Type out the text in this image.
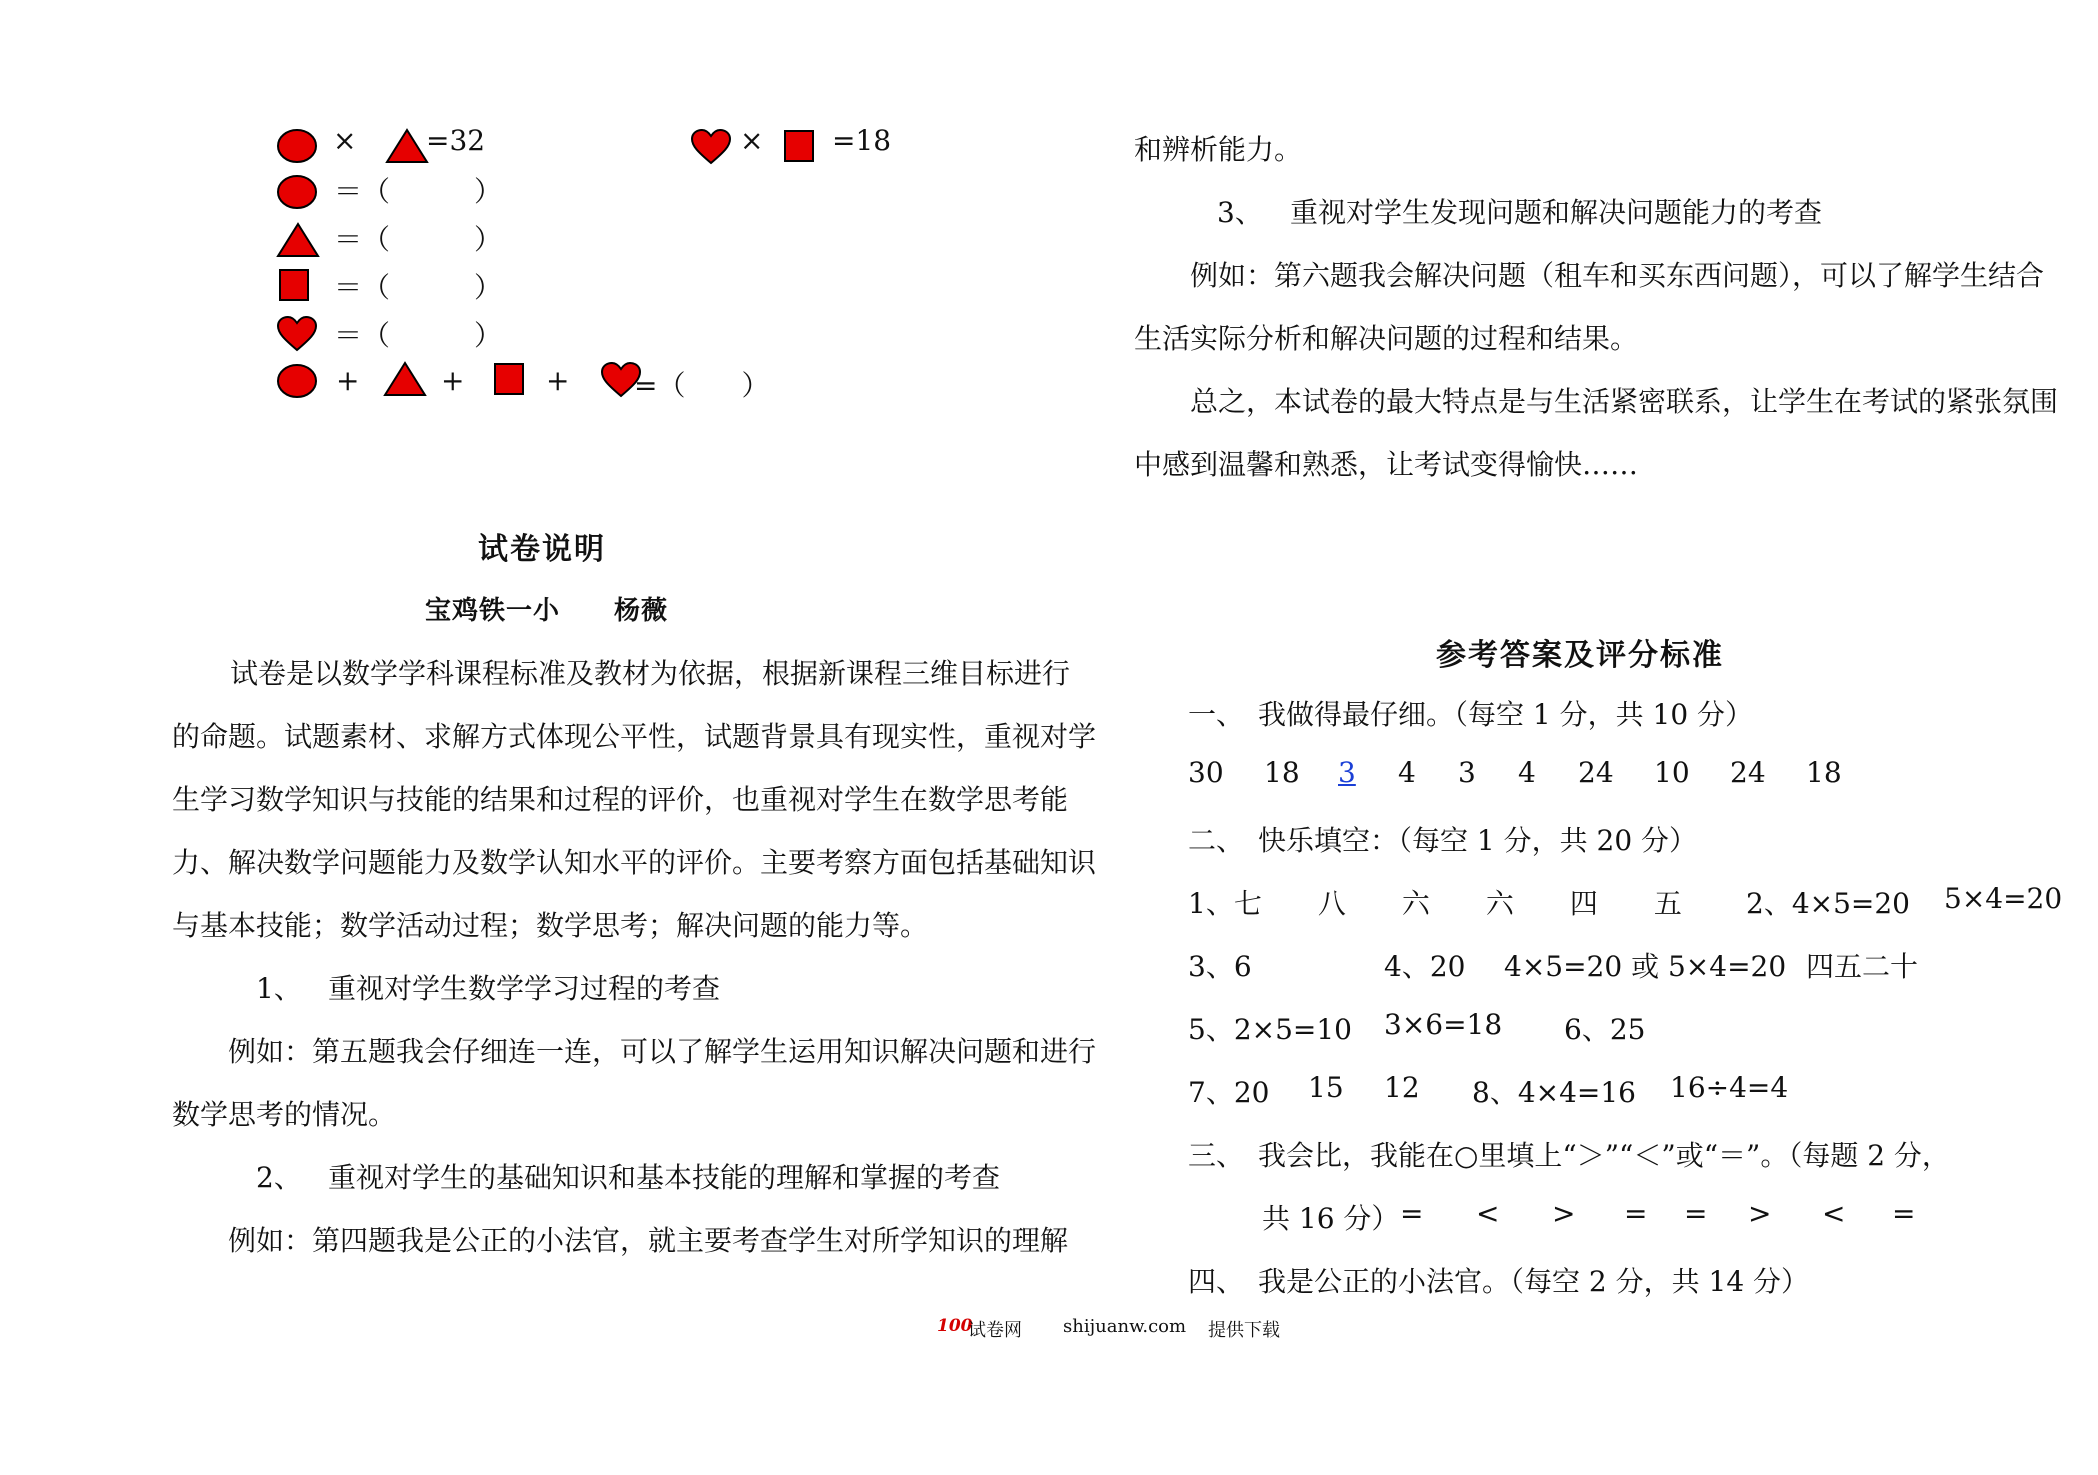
× =32	× =18
＝（　　　）
＝（　　　）
＝（　　　）
＝（　　　）
+	+	+ =（　　）
试卷说明
宝鸡铁一小　　杨薇
试卷是以数学学科课程标准及教材为依据，根据新课程三维目标进行
的命题。试题素材、求解方式体现公平性，试题背景具有现实性，重视对学
生学习数学知识与技能的结果和过程的评价，也重视对学生在数学思考能
力、解决数学问题能力及数学认知水平的评价。主要考察方面包括基础知识
与基本技能；数学活动过程；数学思考；解决问题的能力等。
1、 重视对学生数学学习过程的考查
例如：第五题我会仔细连一连，可以了解学生运用知识解决问题和进行
数学思考的情况。
2、 重视对学生的基础知识和基本技能的理解和掌握的考查
例如：第四题我是公正的小法官，就主要考查学生对所学知识的理解
和辨析能力。
3、 重视对学生发现问题和解决问题能力的考查
例如：第六题我会解决问题（租车和买东西问题），可以了解学生结合
生活实际分析和解决问题的过程和结果。
总之，本试卷的最大特点是与生活紧密联系，让学生在考试的紧张氛围
中感到温馨和熟悉，让考试变得愉快……
参考答案及评分标准
一、　我做得最仔细。（每空 1 分，共 10 分）
30 18 3 4 3 4 24 10 24 18
二、　快乐填空：（每空 1 分，共 20 分）
1、七　　八　　六　　六　　四　　五 2、4×5=20 5×4=20
3、6	4、20 4×5=20 或 5×4=20 四五二十
5、2×5=10 3×6=18 6、25
7、20 15 12 8、4×4=16 16÷4=4
三、　我会比，我能在○里填上“＞”“＜”或“＝”。（每题 2 分，
共 16 分） = < > = = > < =
四、　我是公正的小法官。（每空 2 分，共 14 分）
100
试卷网 shijuanw.com 提供下载
